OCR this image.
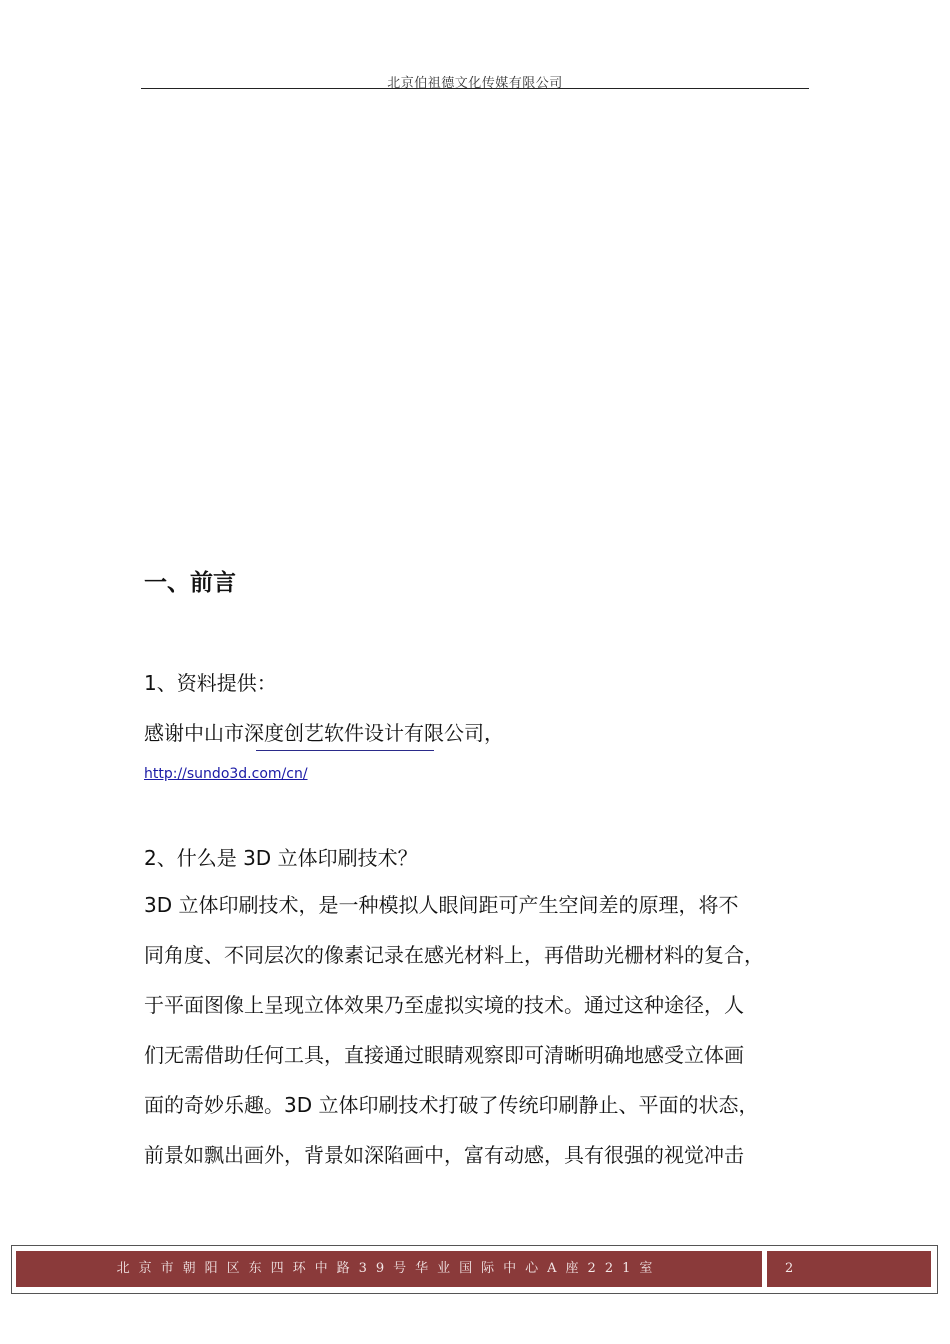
北京伯祖德文化传媒有限公司
一、前言
1、资料提供：
感谢中山市深度创艺软件设计有限公司，
http://sundo3d.com/cn/
2、什么是 3D 立体印刷技术？
3D 立体印刷技术，是一种模拟人眼间距可产生空间差的原理，将不
同角度、不同层次的像素记录在感光材料上，再借助光栅材料的复合，
于平面图像上呈现立体效果乃至虚拟实境的技术。通过这种途径，人
们无需借助任何工具，直接通过眼睛观察即可清晰明确地感受立体画
面的奇妙乐趣。3D 立体印刷技术打破了传统印刷静止、平面的状态，
前景如飘出画外，背景如深陷画中，富有动感，具有很强的视觉冲击
北京市朝阳区东四环中路39号华业国际中心A座221室	2
